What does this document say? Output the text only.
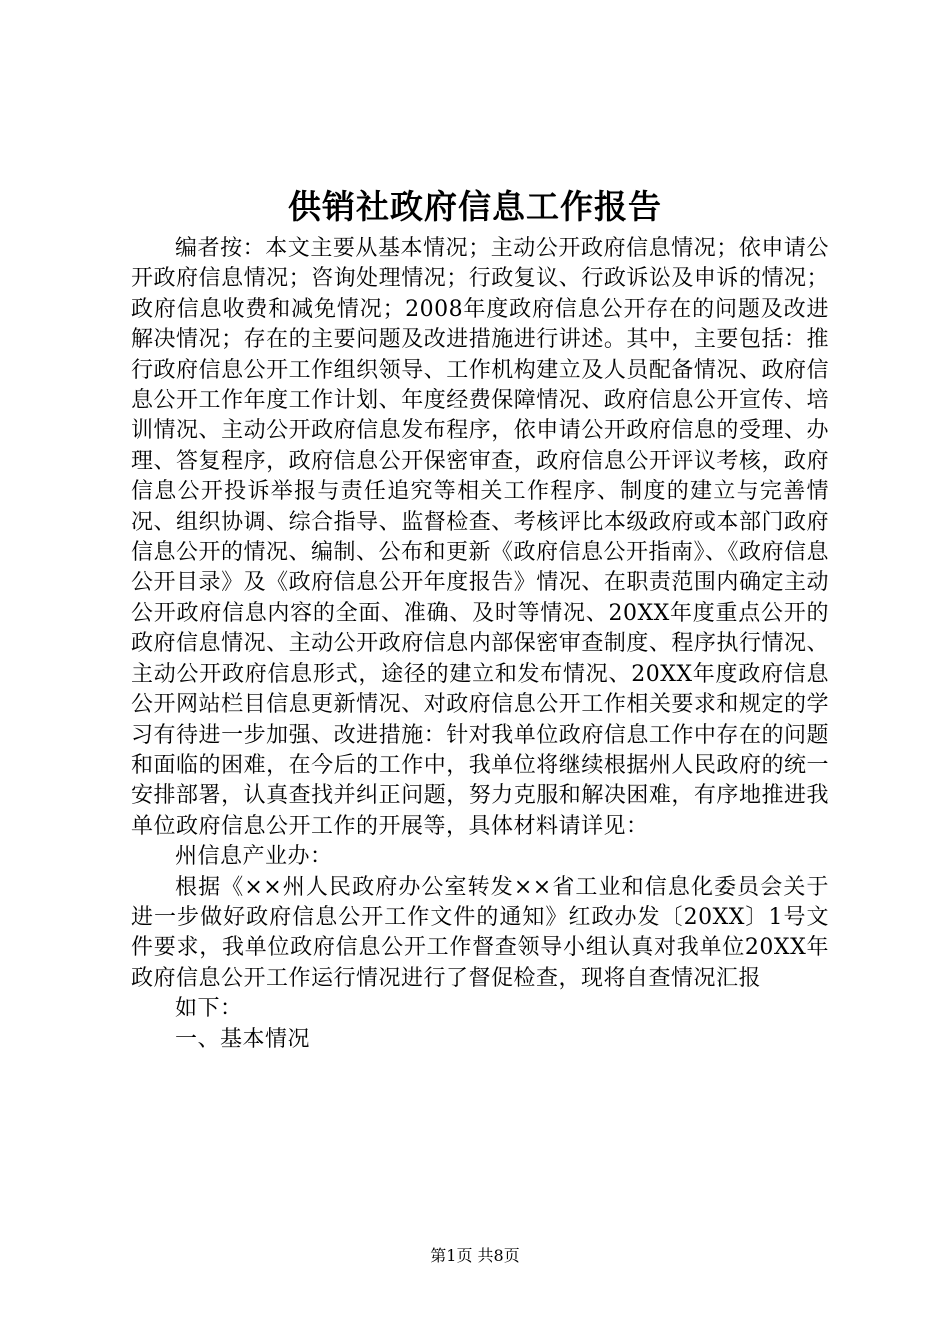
供销社政府信息工作报告

编者按：本文主要从基本情况；主动公开政府信息情况；依申请公开政府信息情况；咨询处理情况；行政复议、行政诉讼及申诉的情况；政府信息收费和减免情况；2008年度政府信息公开存在的问题及改进解决情况；存在的主要问题及改进措施进行讲述。其中，主要包括：推行政府信息公开工作组织领导、工作机构建立及人员配备情况、政府信息公开工作年度工作计划、年度经费保障情况、政府信息公开宣传、培训情况、主动公开政府信息发布程序，依申请公开政府信息的受理、办理、答复程序，政府信息公开保密审查，政府信息公开评议考核，政府信息公开投诉举报与责任追究等相关工作程序、制度的建立与完善情况、组织协调、综合指导、监督检查、考核评比本级政府或本部门政府信息公开的情况、编制、公布和更新《政府信息公开指南》、《政府信息公开目录》及《政府信息公开年度报告》情况、在职责范围内确定主动公开政府信息内容的全面、准确、及时等情况、20XX年度重点公开的政府信息情况、主动公开政府信息内部保密审查制度、程序执行情况、主动公开政府信息形式，途径的建立和发布情况、20XX年度政府信息公开网站栏目信息更新情况、对政府信息公开工作相关要求和规定的学习有待进一步加强、改进措施：针对我单位政府信息工作中存在的问题和面临的困难，在今后的工作中，我单位将继续根据州人民政府的统一安排部署，认真查找并纠正问题，努力克服和解决困难，有序地推进我单位政府信息公开工作的开展等，具体材料请详见：

州信息产业办：

根据《××州人民政府办公室转发××省工业和信息化委员会关于进一步做好政府信息公开工作文件的通知》红政办发〔20XX〕1号文件要求，我单位政府信息公开工作督查领导小组认真对我单位20XX年政府信息公开工作运行情况进行了督促检查，现将自查情况汇报

如下：

一、基本情况

第1页 共8页
